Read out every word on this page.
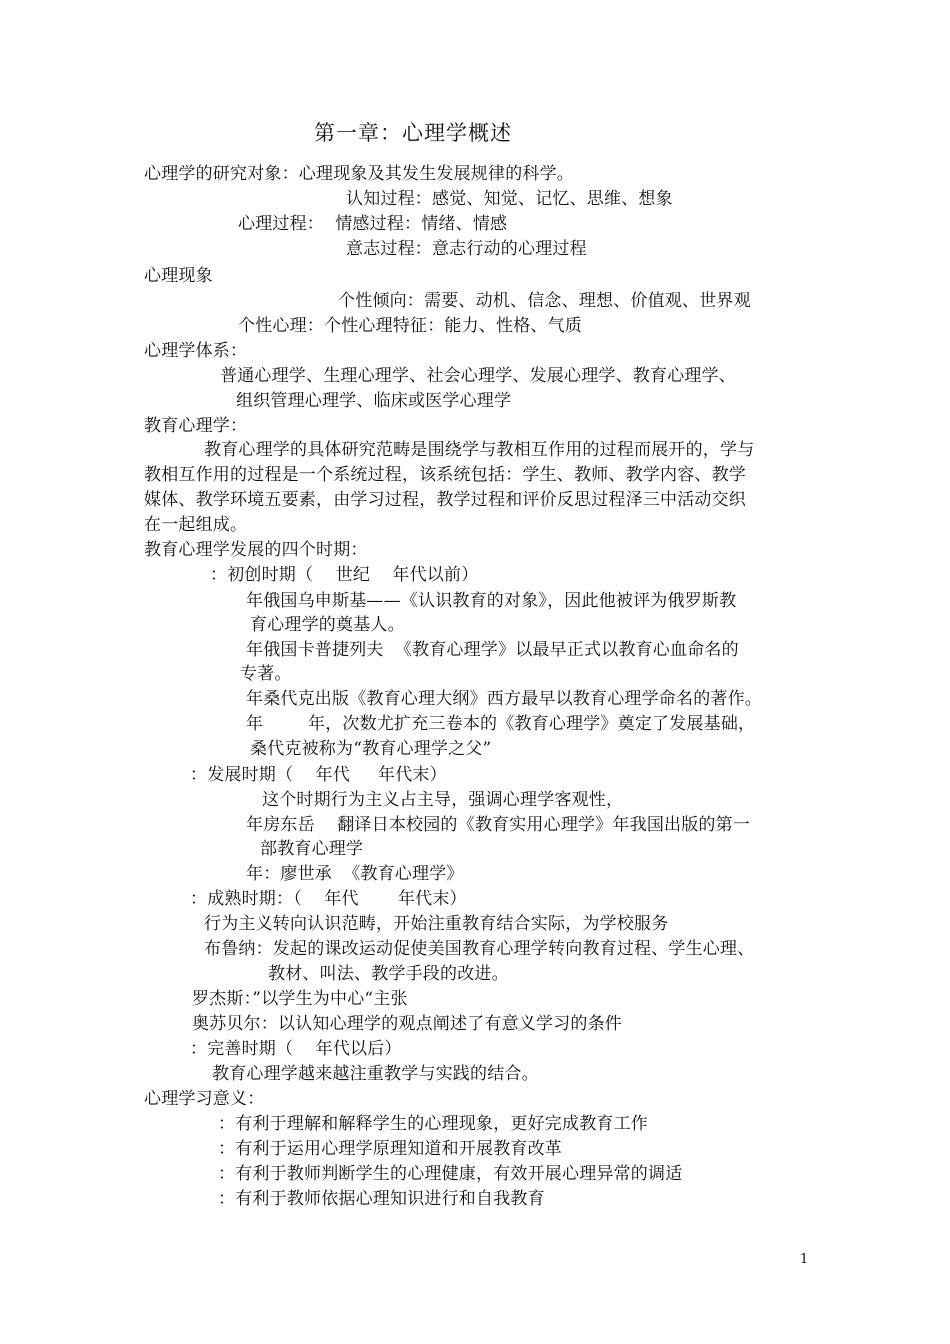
第一章：心理学概述
心理学的研究对象：心理现象及其发生发展规律的科学。
认知过程：感觉、知觉、记忆、思维、想象
心理过程：  情感过程：情绪、情感
意志过程：意志行动的心理过程
心理现象
个性倾向：需要、动机、信念、理想、价值观、世界观
个性心理：个性心理特征：能力、性格、气质
心理学体系：
普通心理学、生理心理学、社会心理学、发展心理学、教育心理学、
组织管理心理学、临床或医学心理学
教育心理学：
教育心理学的具体研究范畴是围绕学与教相互作用的过程而展开的，学与
教相互作用的过程是一个系统过程，该系统包括：学生、教师、教学内容、教学
媒体、教学环境五要素，由学习过程，教学过程和评价反思过程泽三中活动交织
在一起组成。
教育心理学发展的四个时期：
：初创时期（    世纪    年代以前）
年俄国乌申斯基——《认识教育的对象》，因此他被评为俄罗斯教
育心理学的奠基人。
年俄国卡普捷列夫  《教育心理学》以最早正式以教育心血命名的
专著。
年桑代克出版《教育心理大纲》西方最早以教育心理学命名的著作。
年        年，次数尤扩充三卷本的《教育心理学》奠定了发展基础，
桑代克被称为“教育心理学之父”
：发展时期（    年代     年代末）
这个时期行为主义占主导，强调心理学客观性，
年房东岳    翻译日本校园的《教育实用心理学》年我国出版的第一
部教育心理学
年：廖世承  《教育心理学》
：成熟时期：（    年代       年代末）
行为主义转向认识范畴，开始注重教育结合实际，为学校服务
布鲁纳：发起的课改运动促使美国教育心理学转向教育过程、学生心理、
教材、叫法、教学手段的改进。
罗杰斯：”以学生为中心“主张
奥苏贝尔：以认知心理学的观点阐述了有意义学习的条件
：完善时期（    年代以后）
教育心理学越来越注重教学与实践的结合。
心理学习意义：
：有利于理解和解释学生的心理现象，更好完成教育工作
：有利于运用心理学原理知道和开展教育改革
：有利于教师判断学生的心理健康，有效开展心理异常的调适
：有利于教师依据心理知识进行和自我教育
1
